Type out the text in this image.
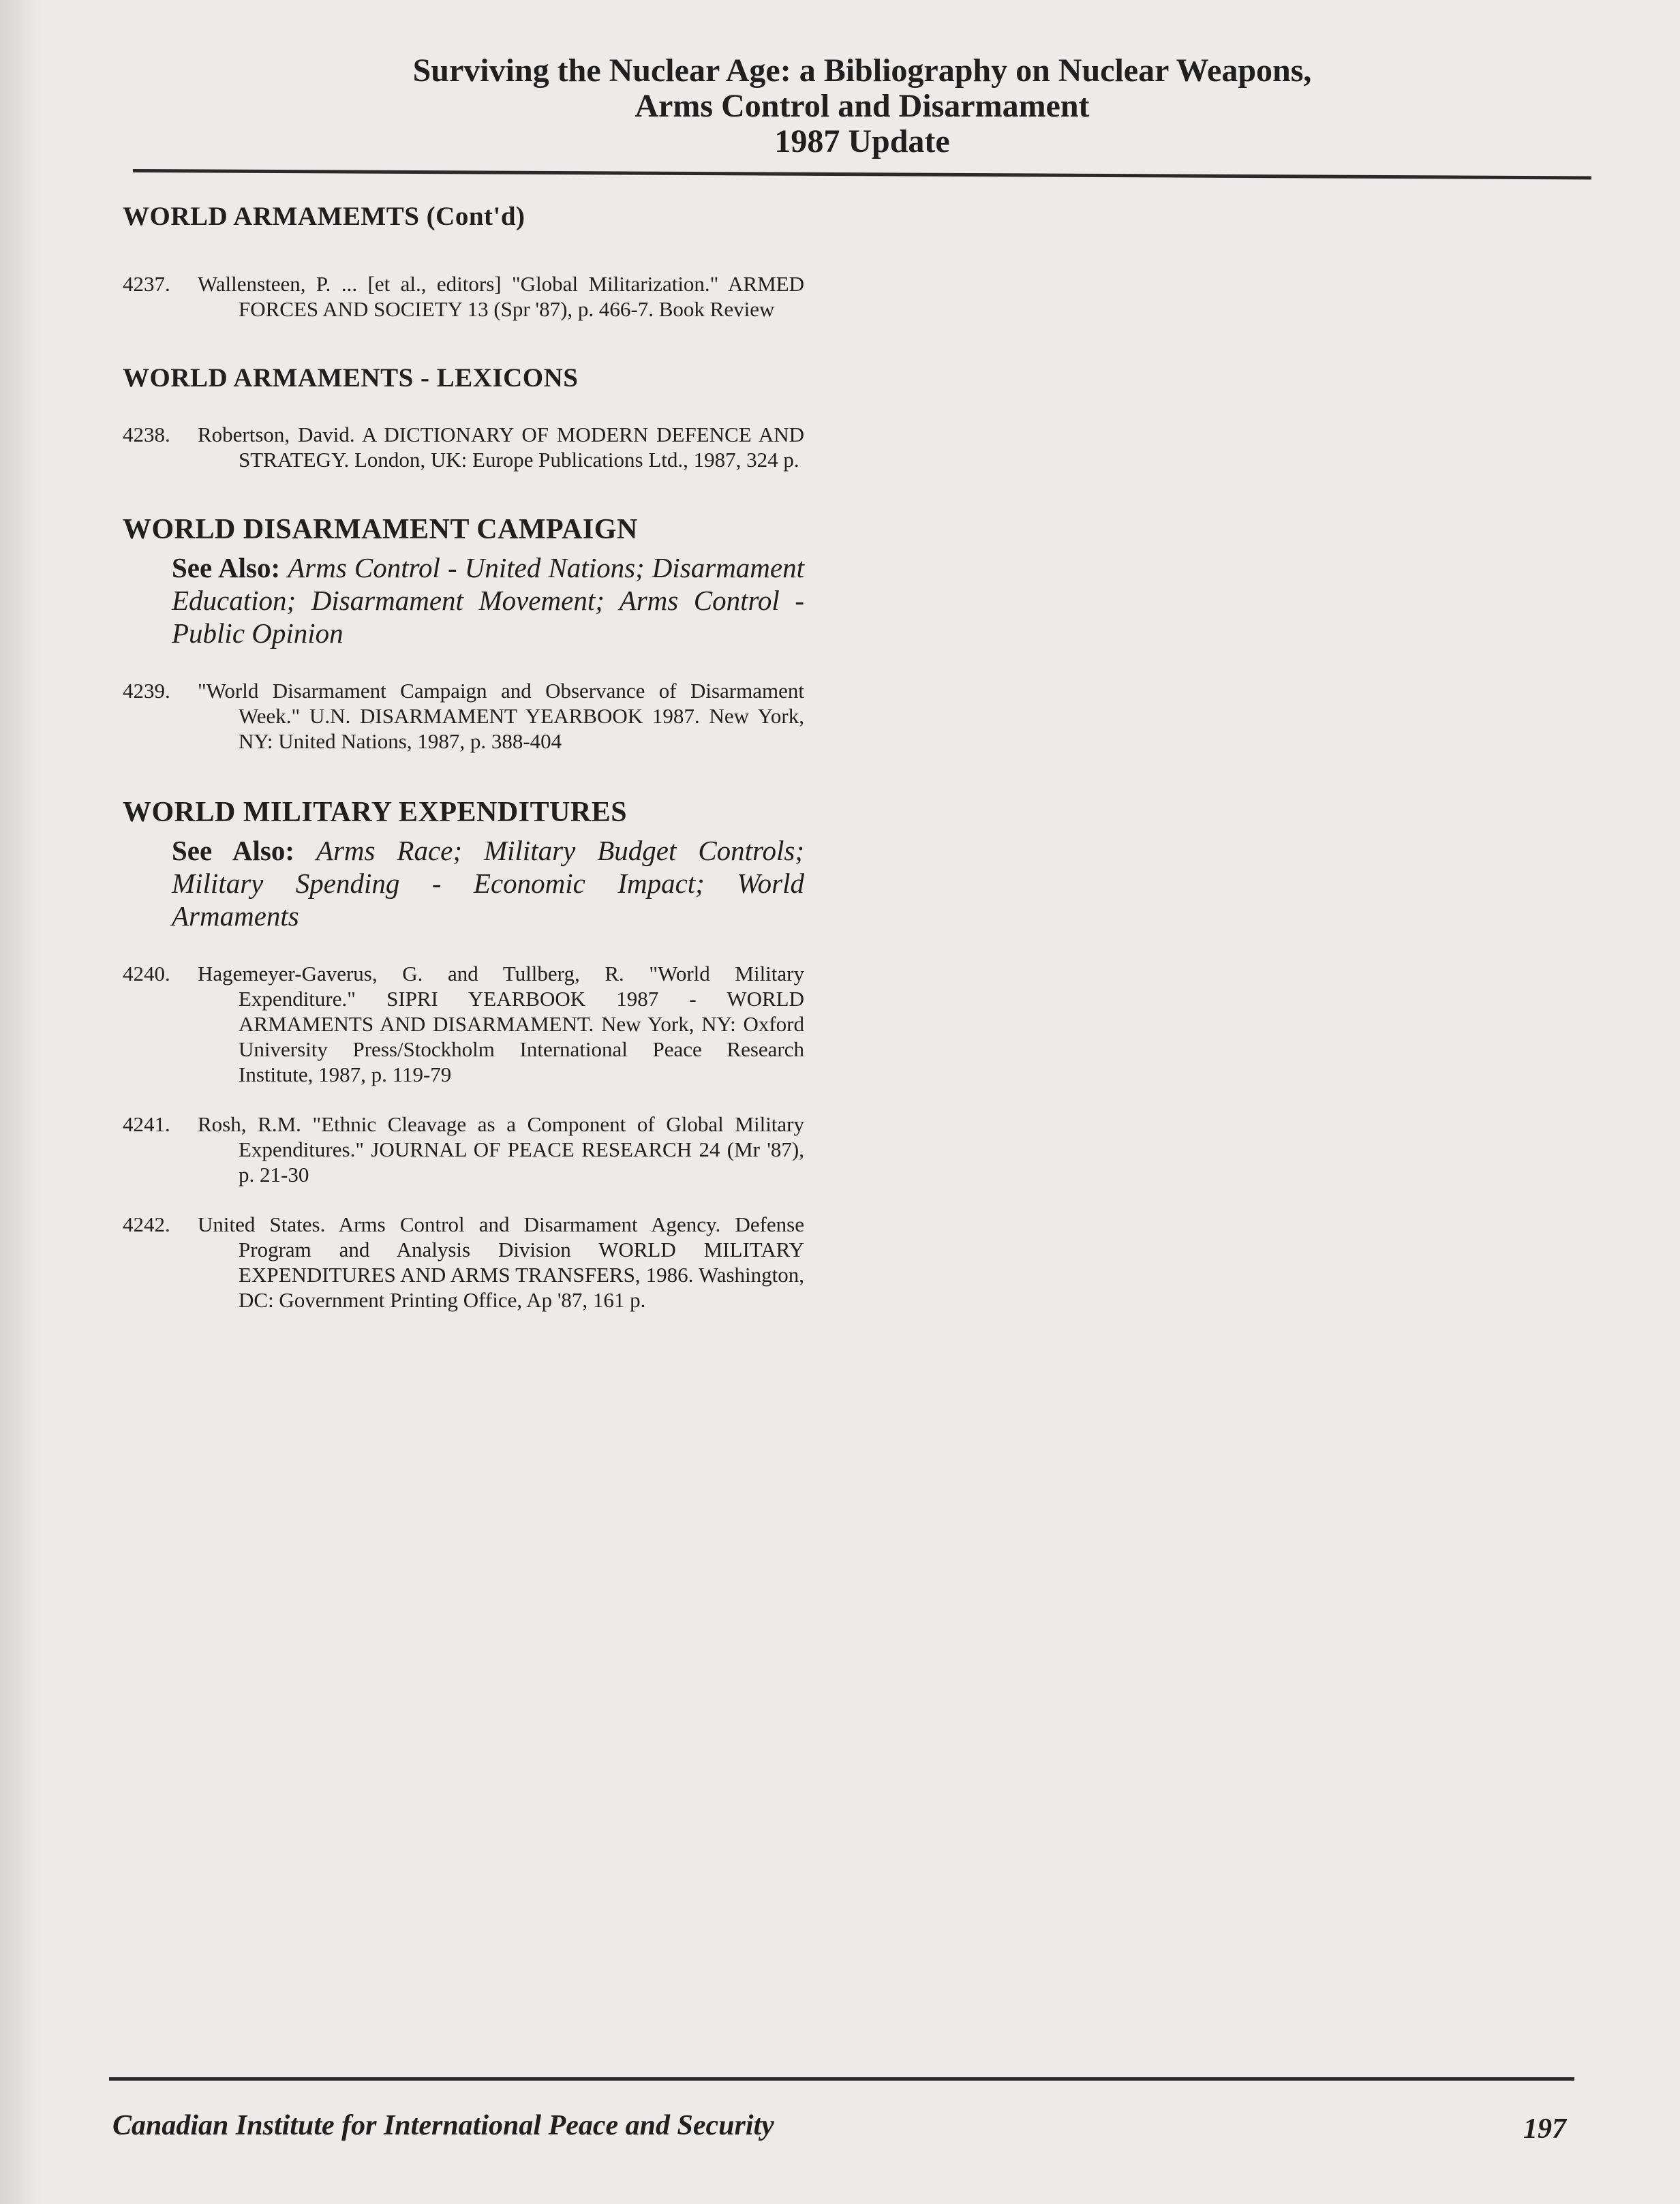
Surviving the Nuclear Age: a Bibliography on Nuclear Weapons,
Arms Control and Disarmament
1987 Update
WORLD ARMAMEMTS (Cont'd)

4237. Wallensteen, P. ... [et al., editors] "Global Militarization." ARMED FORCES AND SOCIETY 13 (Spr '87), p. 466-7. Book Review

WORLD ARMAMENTS - LEXICONS

4238. Robertson, David. A DICTIONARY OF MODERN DEFENCE AND STRATEGY. London, UK: Europe Publications Ltd., 1987, 324 p.

WORLD DISARMAMENT CAMPAIGN

See Also: Arms Control - United Nations; Disarmament Education; Disarmament Movement; Arms Control - Public Opinion

4239. "World Disarmament Campaign and Observance of Disarmament Week." U.N. DISARMAMENT YEARBOOK 1987. New York, NY: United Nations, 1987, p. 388-404

WORLD MILITARY EXPENDITURES

See Also: Arms Race; Military Budget Controls; Military Spending - Economic Impact; World Armaments

4240. Hagemeyer-Gaverus, G. and Tullberg, R. "World Military Expenditure." SIPRI YEARBOOK 1987 - WORLD ARMAMENTS AND DISARMAMENT. New York, NY: Oxford University Press/Stockholm International Peace Research Institute, 1987, p. 119-79

4241. Rosh, R.M. "Ethnic Cleavage as a Component of Global Military Expenditures." JOURNAL OF PEACE RESEARCH 24 (Mr '87), p. 21-30

4242. United States. Arms Control and Disarmament Agency. Defense Program and Analysis Division WORLD MILITARY EXPENDITURES AND ARMS TRANSFERS, 1986. Washington, DC: Government Printing Office, Ap '87, 161 p.

Canadian Institute for International Peace and Security	197
